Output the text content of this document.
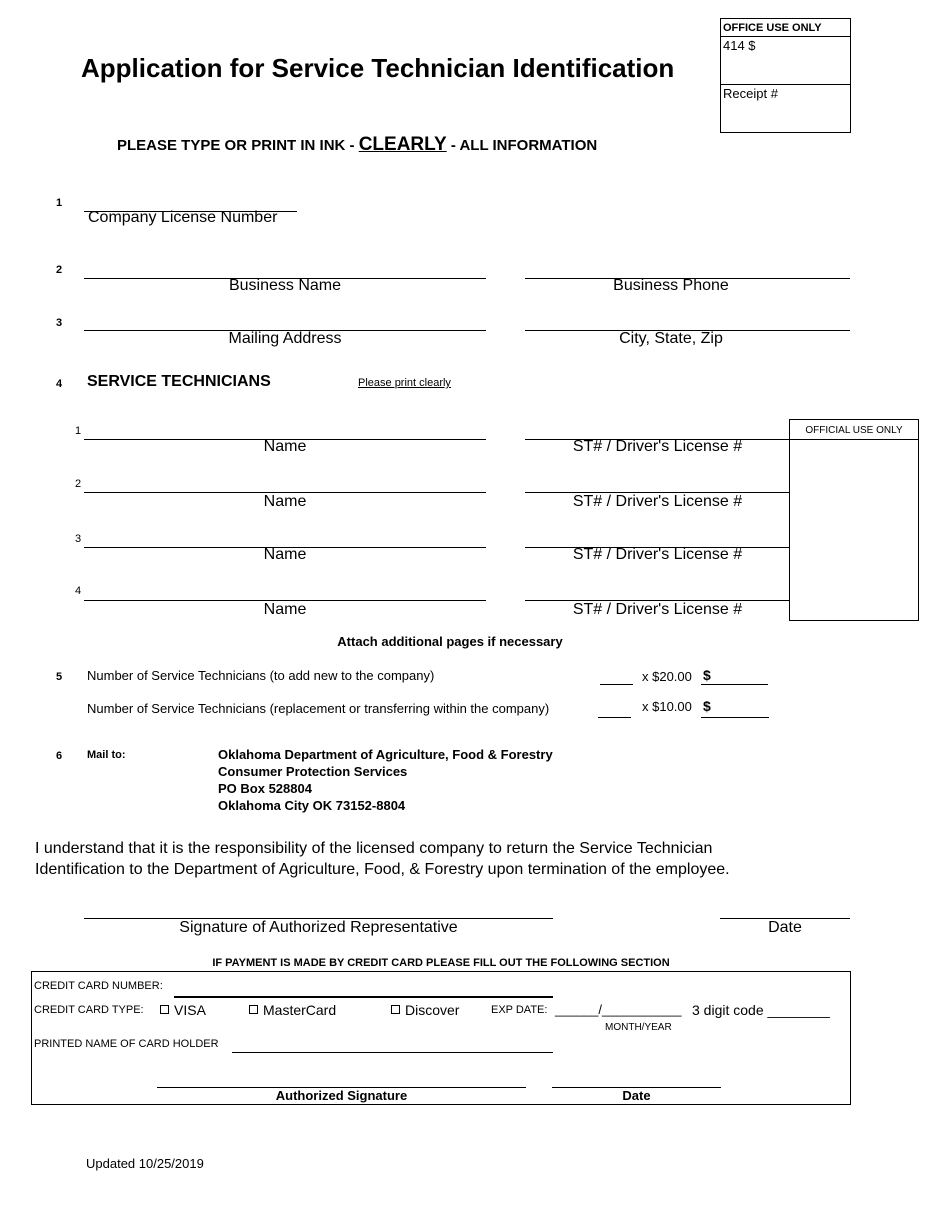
Application for Service Technician Identification
OFFICE USE ONLY
414 $
Receipt #
PLEASE TYPE OR PRINT IN INK - CLEARLY - ALL INFORMATION
1
Company License Number
2
Business Name	Business Phone
3
Mailing Address	City, State, Zip
4 SERVICE TECHNICIANS	Please print clearly
OFFICIAL USE ONLY
1
Name	ST# / Driver's License #
2
Name	ST# / Driver's License #
3
Name	ST# / Driver's License #
4
Name	ST# / Driver's License #
Attach additional pages if necessary
5 Number of Service Technicians (to add new to the company)	x $20.00 $
Number of Service Technicians (replacement or transferring within the company)	x $10.00 $
6 Mail to:	Oklahoma Department of Agriculture, Food & Forestry
Consumer Protection Services
PO Box 528804
Oklahoma City OK 73152-8804
I understand that it is the responsibility of the licensed company to return the Service Technician Identification to the Department of Agriculture, Food, & Forestry upon termination of the employee.
Signature of Authorized Representative	Date
IF PAYMENT IS MADE BY CREDIT CARD PLEASE FILL OUT THE FOLLOWING SECTION
CREDIT CARD NUMBER:
CREDIT CARD TYPE:	VISA	MasterCard	Discover	EXP DATE: ______/___________
MONTH/YEAR
3 digit code ________
PRINTED NAME OF CARD HOLDER
Authorized Signature	Date
Updated 10/25/2019
